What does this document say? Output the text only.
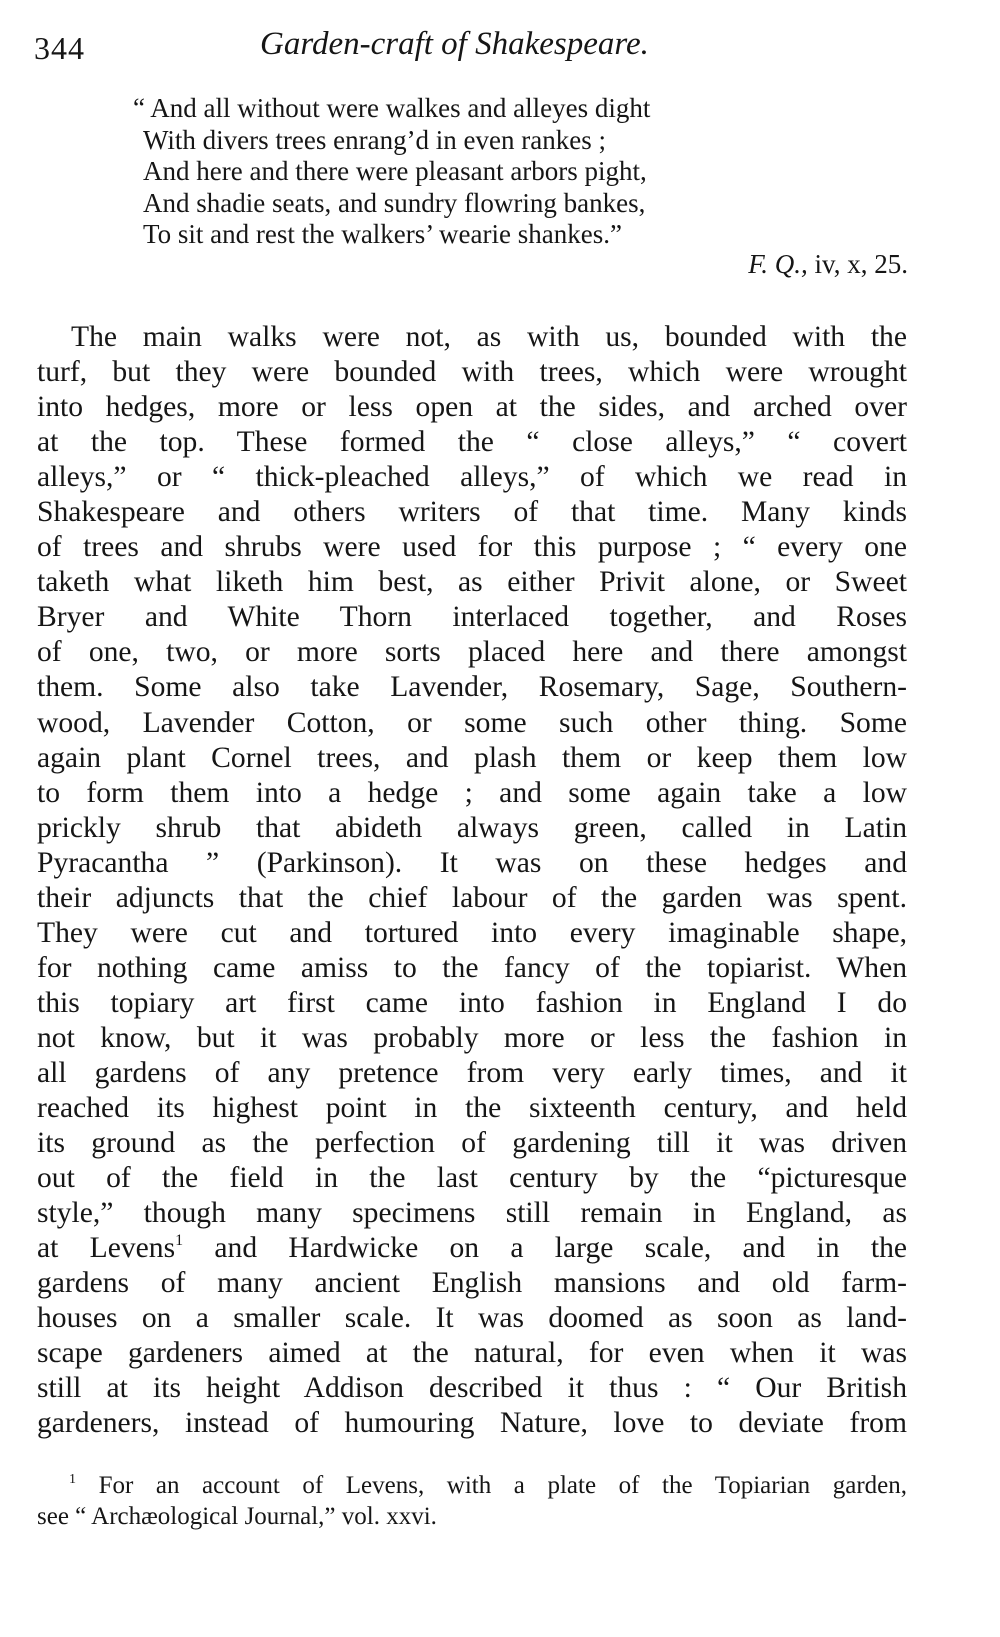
344	Garden-craft of Shakespeare.
“ And all without were walkes and alleyes dight
With divers trees enrang’d in even rankes ;
And here and there were pleasant arbors pight,
And shadie seats, and sundry flowring bankes,
To sit and rest the walkers’ wearie shankes.”
F. Q., iv, x, 25.
The main walks were not, as with us, bounded with the
turf, but they were bounded with trees, which were wrought
into hedges, more or less open at the sides, and arched over
at the top. These formed the “ close alleys,” “ covert
alleys,” or “ thick-pleached alleys,” of which we read in
Shakespeare and others writers of that time. Many kinds
of trees and shrubs were used for this purpose ; “ every one
taketh what liketh him best, as either Privit alone, or Sweet
Bryer and White Thorn interlaced together, and Roses
of one, two, or more sorts placed here and there amongst
them. Some also take Lavender, Rosemary, Sage, Southern-
wood, Lavender Cotton, or some such other thing. Some
again plant Cornel trees, and plash them or keep them low
to form them into a hedge ; and some again take a low
prickly shrub that abideth always green, called in Latin
Pyracantha ” (Parkinson). It was on these hedges and
their adjuncts that the chief labour of the garden was spent.
They were cut and tortured into every imaginable shape,
for nothing came amiss to the fancy of the topiarist. When
this topiary art first came into fashion in England I do
not know, but it was probably more or less the fashion in
all gardens of any pretence from very early times, and it
reached its highest point in the sixteenth century, and held
its ground as the perfection of gardening till it was driven
out of the field in the last century by the “picturesque
style,” though many specimens still remain in England, as
at Levens$^1$ and Hardwicke on a large scale, and in the
gardens of many ancient English mansions and old farm-
houses on a smaller scale. It was doomed as soon as land-
scape gardeners aimed at the natural, for even when it was
still at its height Addison described it thus : “ Our British
gardeners, instead of humouring Nature, love to deviate from
$^1$ For an account of Levens, with a plate of the Topiarian garden,
see “ Archæological Journal,” vol. xxvi.
